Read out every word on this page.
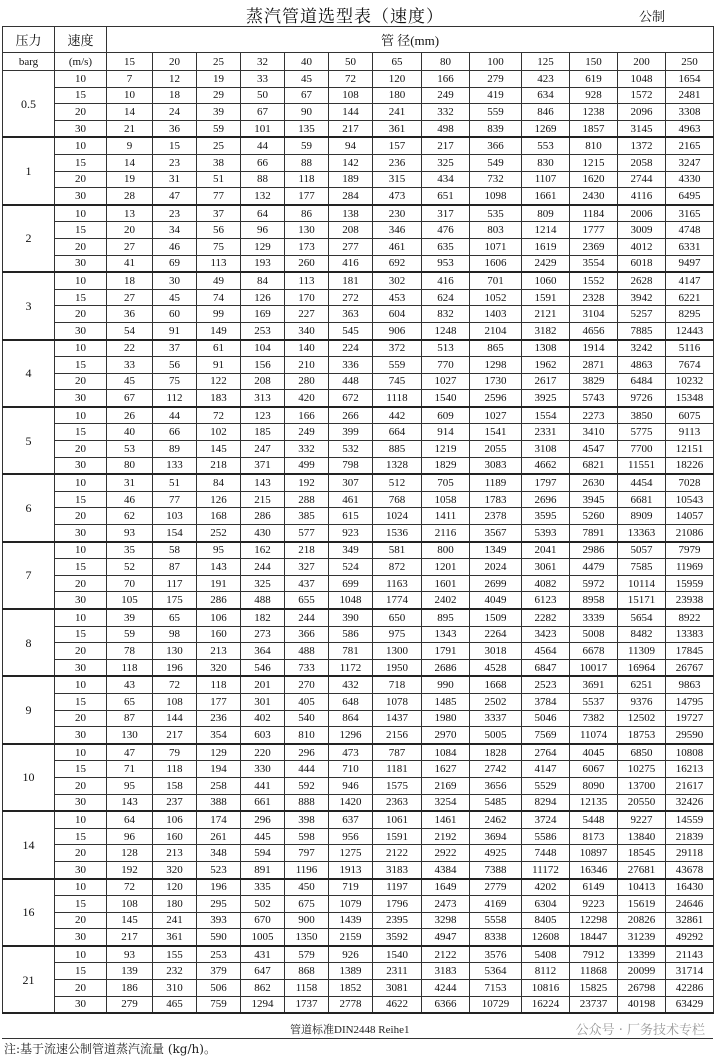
蒸汽管道选型表（速度）	公制
压力	速度	管 径(mm)												
barg	(m/s)	15	20	25	32	40	50	65	80	100	125	150	200	250
0.5	10	7	12	19	33	45	72	120	166	279	423	619	1048	1654
	15	10	18	29	50	67	108	180	249	419	634	928	1572	2481
	20	14	24	39	67	90	144	241	332	559	846	1238	2096	3308
	30	21	36	59	101	135	217	361	498	839	1269	1857	3145	4963
1	10	9	15	25	44	59	94	157	217	366	553	810	1372	2165
	15	14	23	38	66	88	142	236	325	549	830	1215	2058	3247
	20	19	31	51	88	118	189	315	434	732	1107	1620	2744	4330
	30	28	47	77	132	177	284	473	651	1098	1661	2430	4116	6495
2	10	13	23	37	64	86	138	230	317	535	809	1184	2006	3165
	15	20	34	56	96	130	208	346	476	803	1214	1777	3009	4748
	20	27	46	75	129	173	277	461	635	1071	1619	2369	4012	6331
	30	41	69	113	193	260	416	692	953	1606	2429	3554	6018	9497
3	10	18	30	49	84	113	181	302	416	701	1060	1552	2628	4147
	15	27	45	74	126	170	272	453	624	1052	1591	2328	3942	6221
	20	36	60	99	169	227	363	604	832	1403	2121	3104	5257	8295
	30	54	91	149	253	340	545	906	1248	2104	3182	4656	7885	12443
4	10	22	37	61	104	140	224	372	513	865	1308	1914	3242	5116
	15	33	56	91	156	210	336	559	770	1298	1962	2871	4863	7674
	20	45	75	122	208	280	448	745	1027	1730	2617	3829	6484	10232
	30	67	112	183	313	420	672	1118	1540	2596	3925	5743	9726	15348
5	10	26	44	72	123	166	266	442	609	1027	1554	2273	3850	6075
	15	40	66	102	185	249	399	664	914	1541	2331	3410	5775	9113
	20	53	89	145	247	332	532	885	1219	2055	3108	4547	7700	12151
	30	80	133	218	371	499	798	1328	1829	3083	4662	6821	11551	18226
6	10	31	51	84	143	192	307	512	705	1189	1797	2630	4454	7028
	15	46	77	126	215	288	461	768	1058	1783	2696	3945	6681	10543
	20	62	103	168	286	385	615	1024	1411	2378	3595	5260	8909	14057
	30	93	154	252	430	577	923	1536	2116	3567	5393	7891	13363	21086
7	10	35	58	95	162	218	349	581	800	1349	2041	2986	5057	7979
	15	52	87	143	244	327	524	872	1201	2024	3061	4479	7585	11969
	20	70	117	191	325	437	699	1163	1601	2699	4082	5972	10114	15959
	30	105	175	286	488	655	1048	1774	2402	4049	6123	8958	15171	23938
8	10	39	65	106	182	244	390	650	895	1509	2282	3339	5654	8922
	15	59	98	160	273	366	586	975	1343	2264	3423	5008	8482	13383
	20	78	130	213	364	488	781	1300	1791	3018	4564	6678	11309	17845
	30	118	196	320	546	733	1172	1950	2686	4528	6847	10017	16964	26767
9	10	43	72	118	201	270	432	718	990	1668	2523	3691	6251	9863
	15	65	108	177	301	405	648	1078	1485	2502	3784	5537	9376	14795
	20	87	144	236	402	540	864	1437	1980	3337	5046	7382	12502	19727
	30	130	217	354	603	810	1296	2156	2970	5005	7569	11074	18753	29590
10	10	47	79	129	220	296	473	787	1084	1828	2764	4045	6850	10808
	15	71	118	194	330	444	710	1181	1627	2742	4147	6067	10275	16213
	20	95	158	258	441	592	946	1575	2169	3656	5529	8090	13700	21617
	30	143	237	388	661	888	1420	2363	3254	5485	8294	12135	20550	32426
14	10	64	106	174	296	398	637	1061	1461	2462	3724	5448	9227	14559
	15	96	160	261	445	598	956	1591	2192	3694	5586	8173	13840	21839
	20	128	213	348	594	797	1275	2122	2922	4925	7448	10897	18545	29118
	30	192	320	523	891	1196	1913	3183	4384	7388	11172	16346	27681	43678
16	10	72	120	196	335	450	719	1197	1649	2779	4202	6149	10413	16430
	15	108	180	295	502	675	1079	1796	2473	4169	6304	9223	15619	24646
	20	145	241	393	670	900	1439	2395	3298	5558	8405	12298	20826	32861
	30	217	361	590	1005	1350	2159	3592	4947	8338	12608	18447	31239	49292
21	10	93	155	253	431	579	926	1540	2122	3576	5408	7912	13399	21143
	15	139	232	379	647	868	1389	2311	3183	5364	8112	11868	20099	31714
	20	186	310	506	862	1158	1852	3081	4244	7153	10816	15825	26798	42286
	30	279	465	759	1294	1737	2778	4622	6366	10729	16224	23737	40198	63429
管道标准DIN2448 Reihe1	公众号 · 厂务技术专栏
注:基于流速公制管道蒸汽流量 (kg/h)。
